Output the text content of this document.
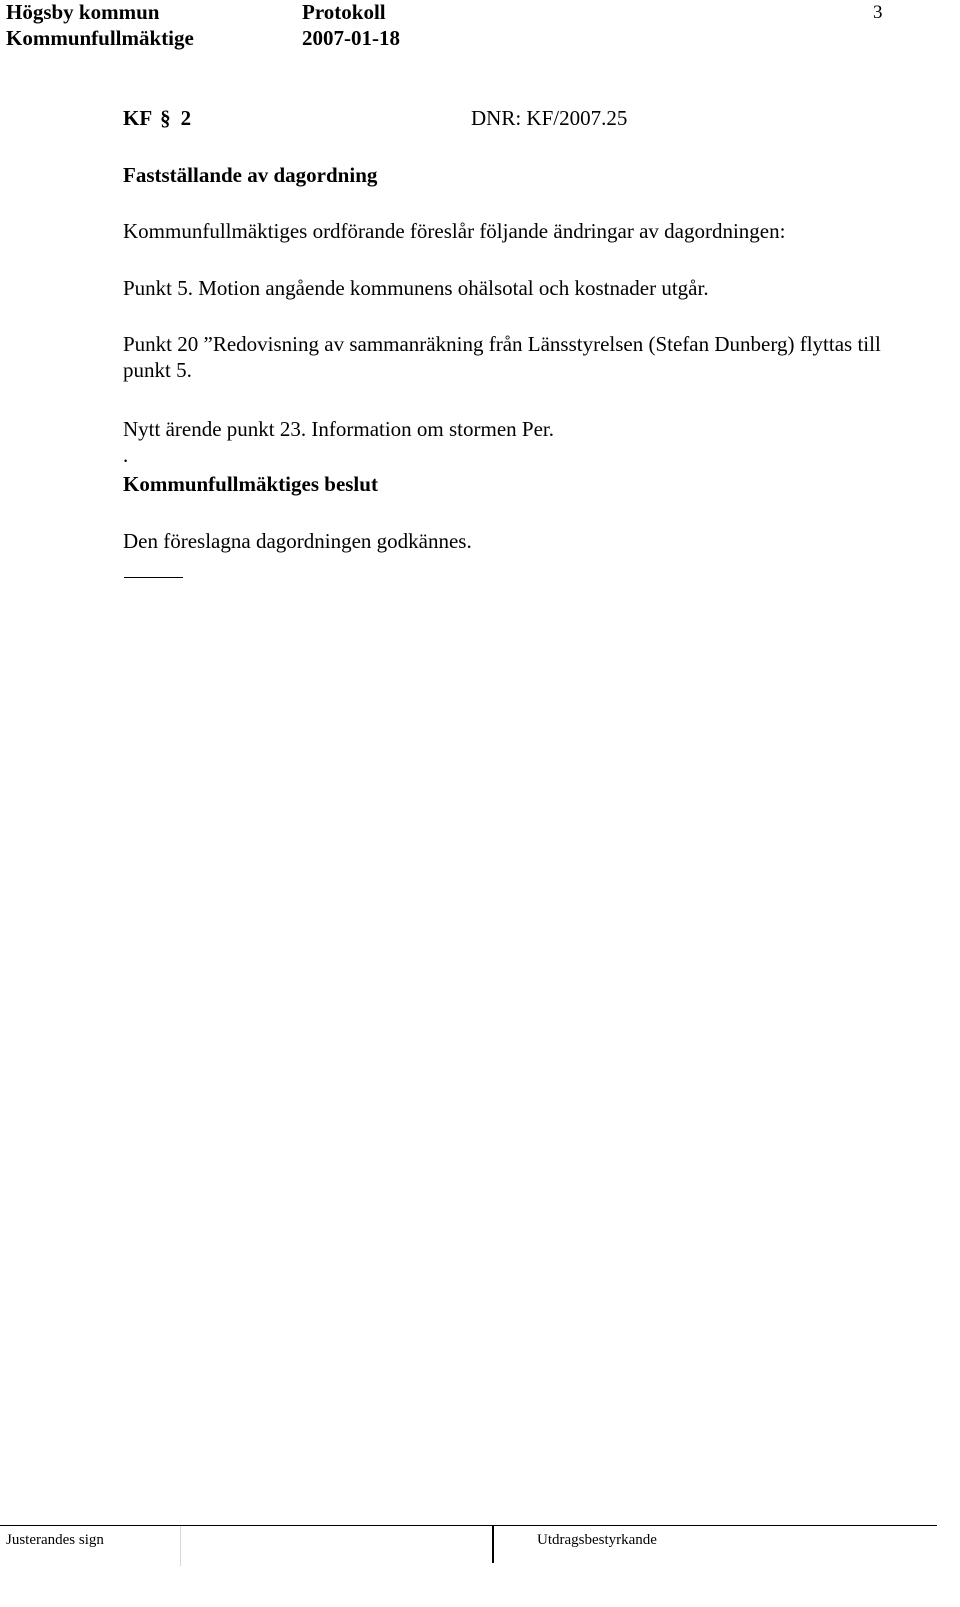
Högsby kommun
Kommunfullmäktige
Protokoll
2007-01-18
3
KF § 2	DNR: KF/2007.25
Fastställande av dagordning
Kommunfullmäktiges ordförande föreslår följande ändringar av dagordningen:
Punkt 5. Motion angående kommunens ohälsotal och kostnader utgår.
Punkt 20 ”Redovisning av sammanräkning från Länsstyrelsen (Stefan Dunberg) flyttas till punkt 5.
Nytt ärende punkt 23. Information om stormen Per.
.
Kommunfullmäktiges beslut
Den föreslagna dagordningen godkännes.
Justerandes sign	Utdragsbestyrkande
